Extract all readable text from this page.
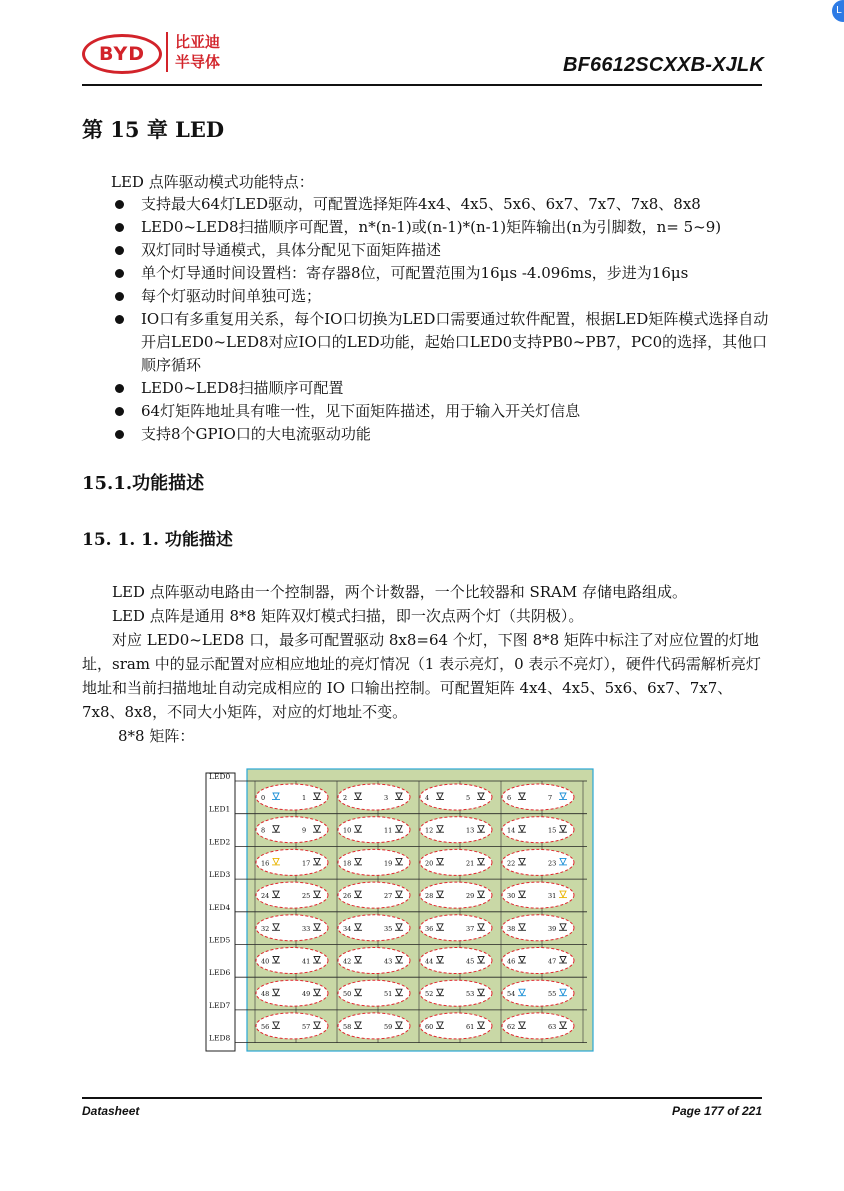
BYD
比亚迪
半导体	BF6612SCXXB-XJLK
L
第 15 章 LED
LED 点阵驱动模式功能特点：
支持最大64灯LED驱动，可配置选择矩阵4x4、4x5、5x6、6x7、7x7、7x8、8x8
LED0~LED8扫描顺序可配置，n*(n-1)或(n-1)*(n-1)矩阵输出(n为引脚数，n= 5~9)
双灯同时导通模式，具体分配见下面矩阵描述
单个灯导通时间设置档：寄存器8位，可配置范围为16μs -4.096ms，步进为16μs
每个灯驱动时间单独可选；
IO口有多重复用关系，每个IO口切换为LED口需要通过软件配置，根据LED矩阵模式选择自动开启LED0~LED8对应IO口的LED功能，起始口LED0支持PB0~PB7，PC0的选择，其他口顺序循环
LED0~LED8扫描顺序可配置
64灯矩阵地址具有唯一性，见下面矩阵描述，用于输入开关灯信息
支持8个GPIO口的大电流驱动功能
15.1.功能描述
15. 1. 1. 功能描述

LED 点阵驱动电路由一个控制器，两个计数器，一个比较器和 SRAM 存储电路组成。

LED 点阵是通用 8*8 矩阵双灯模式扫描，即一次点两个灯（共阴极）。

对应 LED0~LED8 口，最多可配置驱动 8x8=64 个灯，下图 8*8 矩阵中标注了对应位置的灯地址，sram 中的显示配置对应相应地址的亮灯情况（1 表示亮灯，0 表示不亮灯），硬件代码需解析亮灯地址和当前扫描地址自动完成相应的 IO 口输出控制。可配置矩阵 4x4、4x5、5x6、6x7、7x7、7x8、8x8，不同大小矩阵，对应的灯地址不变。

8*8 矩阵：

LED0
LED1
LED2
LED3
LED4
LED5
LED6
LED7
LED8
0	1	2	3	4	5	6	7
8	9	10	11	12	13	14	15
16	17	18	19	20	21	22	23
24	25	26	27	28	29	30	31
32	33	34	35	36	37	38	39
40	41	42	43	44	45	46	47
48	49	50	51	52	53	54	55
56	57	58	59	60	61	62	63
Datasheet	Page 177 of 221
